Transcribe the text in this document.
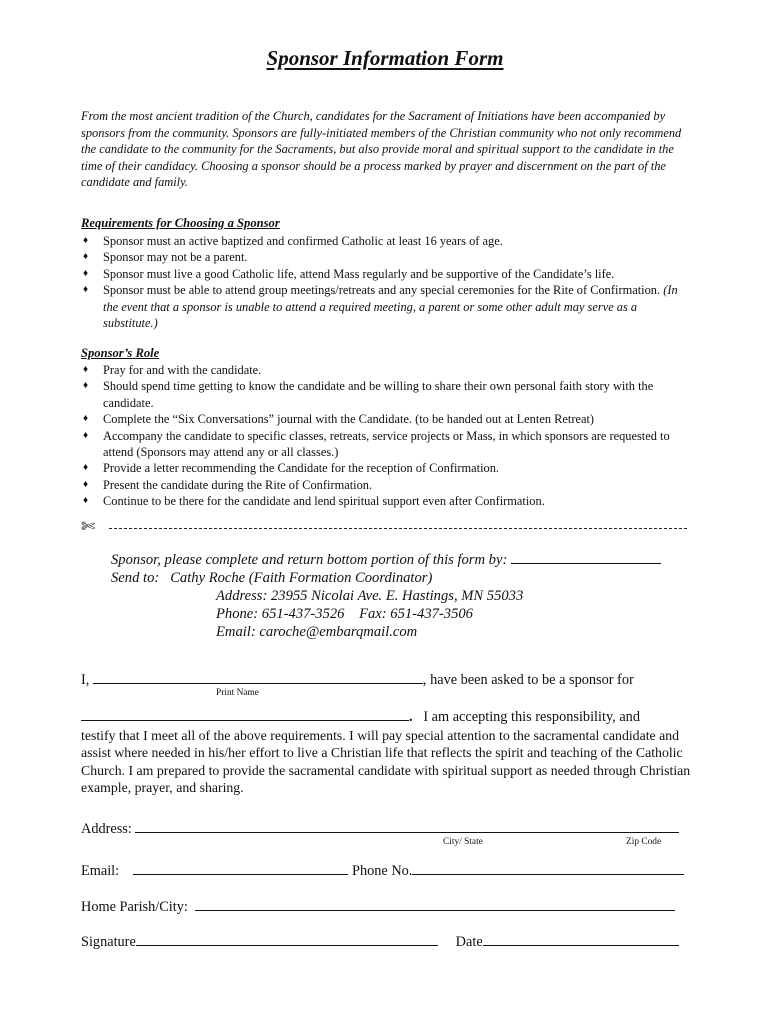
Sponsor Information Form
From the most ancient tradition of the Church, candidates for the Sacrament of Initiations have been accompanied by sponsors from the community. Sponsors are fully-initiated members of the Christian community who not only recommend the candidate to the community for the Sacraments, but also provide moral and spiritual support to the candidate in the time of their candidacy. Choosing a sponsor should be a process marked by prayer and discernment on the part of the candidate and family.
Requirements for Choosing a Sponsor
♦ Sponsor must an active baptized and confirmed Catholic at least 16 years of age.
♦ Sponsor may not be a parent.
♦ Sponsor must live a good Catholic life, attend Mass regularly and be supportive of the Candidate’s life.
♦ Sponsor must be able to attend group meetings/retreats and any special ceremonies for the Rite of Confirmation. (In the event that a sponsor is unable to attend a required meeting, a parent or some other adult may serve as a substitute.)
Sponsor’s Role
♦ Pray for and with the candidate.
♦ Should spend time getting to know the candidate and be willing to share their own personal faith story with the candidate.
♦ Complete the “Six Conversations” journal with the Candidate. (to be handed out at Lenten Retreat)
♦ Accompany the candidate to specific classes, retreats, service projects or Mass, in which sponsors are requested to attend (Sponsors may attend any or all classes.)
♦ Provide a letter recommending the Candidate for the reception of Confirmation.
♦ Present the candidate during the Rite of Confirmation.
♦ Continue to be there for the candidate and lend spiritual support even after Confirmation.
✄
Sponsor, please complete and return bottom portion of this form by:
Send to: Cathy Roche (Faith Formation Coordinator)
Address: 23955 Nicolai Ave. E. Hastings, MN 55033
Phone: 651-437-3526 Fax: 651-437-3506
Email: caroche@embarqmail.com
I,	, have been asked to be a sponsor for
Print Name
. I am accepting this responsibility, and
testify that I meet all of the above requirements. I will pay special attention to the sacramental candidate and assist where needed in his/her effort to live a Christian life that reflects the spirit and teaching of the Catholic Church. I am prepared to provide the sacramental candidate with spiritual support as needed through Christian example, prayer, and sharing.
Address:
City/ State	Zip Code
Email:	Phone No.
Home Parish/City:
Signature	Date
